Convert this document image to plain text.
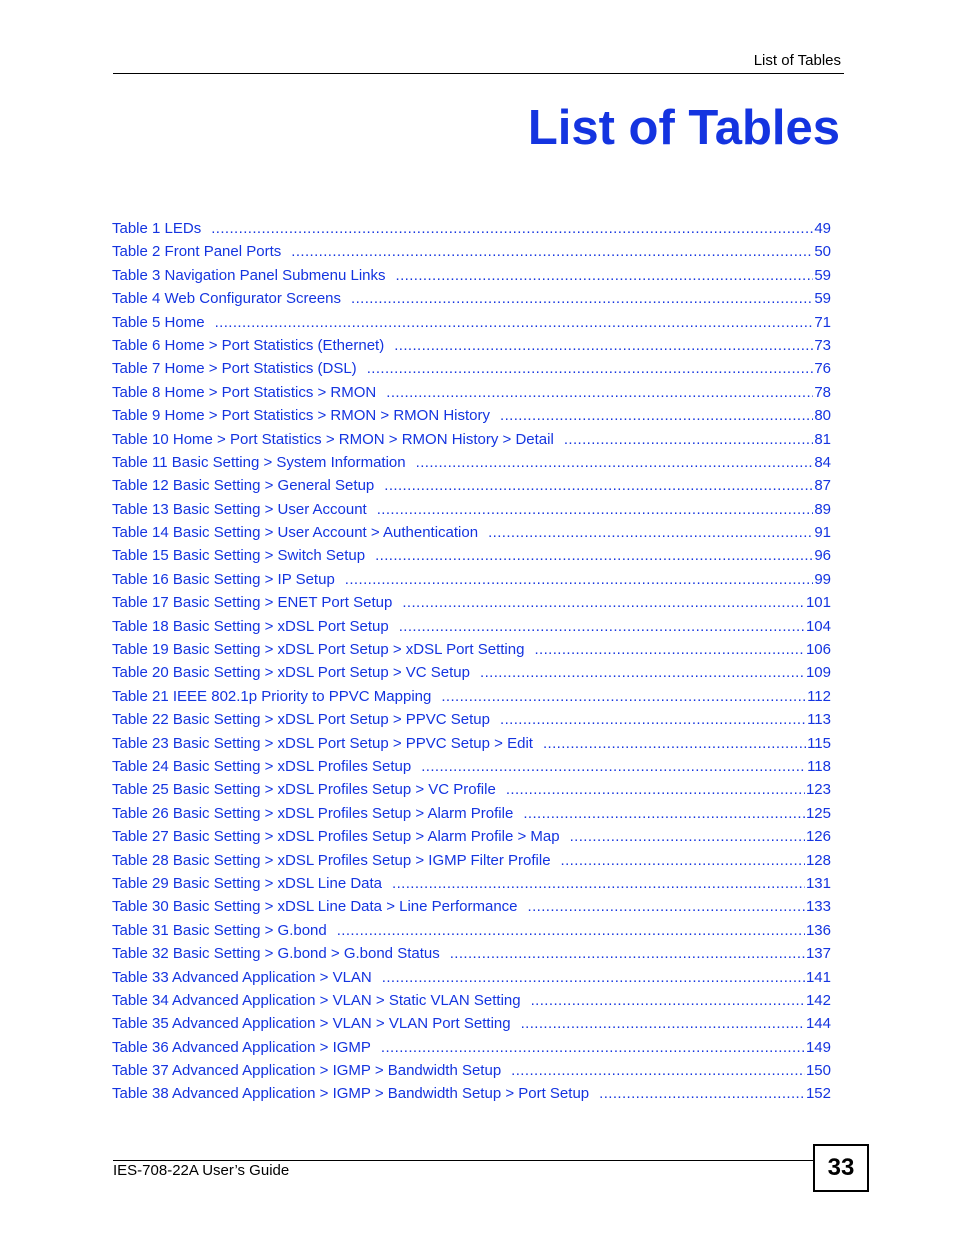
List of Tables
List of Tables
Table 1 LEDs .....	49
Table 2 Front Panel Ports .....	50
Table 3 Navigation Panel Submenu Links .....	59
Table 4 Web Configurator Screens .....	59
Table 5 Home .....	71
Table 6 Home > Port Statistics (Ethernet) .....	73
Table 7 Home > Port Statistics (DSL) .....	76
Table 8 Home > Port Statistics > RMON .....	78
Table 9 Home > Port Statistics > RMON > RMON History .....	80
Table 10 Home > Port Statistics > RMON > RMON History > Detail .....	81
Table 11 Basic Setting > System Information .....	84
Table 12 Basic Setting > General Setup .....	87
Table 13 Basic Setting > User Account .....	89
Table 14 Basic Setting > User Account > Authentication .....	91
Table 15 Basic Setting > Switch Setup .....	96
Table 16 Basic Setting > IP Setup .....	99
Table 17 Basic Setting > ENET Port Setup .....	101
Table 18 Basic Setting > xDSL Port Setup .....	104
Table 19 Basic Setting > xDSL Port Setup > xDSL Port Setting .....	106
Table 20 Basic Setting > xDSL Port Setup > VC Setup .....	109
Table 21 IEEE 802.1p Priority to PPVC Mapping .....	112
Table 22 Basic Setting > xDSL Port Setup > PPVC Setup .....	113
Table 23 Basic Setting > xDSL Port Setup > PPVC Setup > Edit .....	115
Table 24 Basic Setting > xDSL Profiles Setup .....	118
Table 25 Basic Setting > xDSL Profiles Setup > VC Profile .....	123
Table 26 Basic Setting > xDSL Profiles Setup > Alarm Profile .....	125
Table 27 Basic Setting > xDSL Profiles Setup > Alarm Profile > Map .....	126
Table 28 Basic Setting > xDSL Profiles Setup > IGMP Filter Profile .....	128
Table 29 Basic Setting > xDSL Line Data .....	131
Table 30 Basic Setting > xDSL Line Data > Line Performance .....	133
Table 31 Basic Setting > G.bond .....	136
Table 32 Basic Setting > G.bond > G.bond Status .....	137
Table 33 Advanced Application > VLAN .....	141
Table 34 Advanced Application > VLAN > Static VLAN Setting .....	142
Table 35 Advanced Application > VLAN > VLAN Port Setting .....	144
Table 36 Advanced Application > IGMP .....	149
Table 37 Advanced Application > IGMP > Bandwidth Setup .....	150
Table 38 Advanced Application > IGMP > Bandwidth Setup > Port Setup .....	152
IES-708-22A User’s Guide	33
